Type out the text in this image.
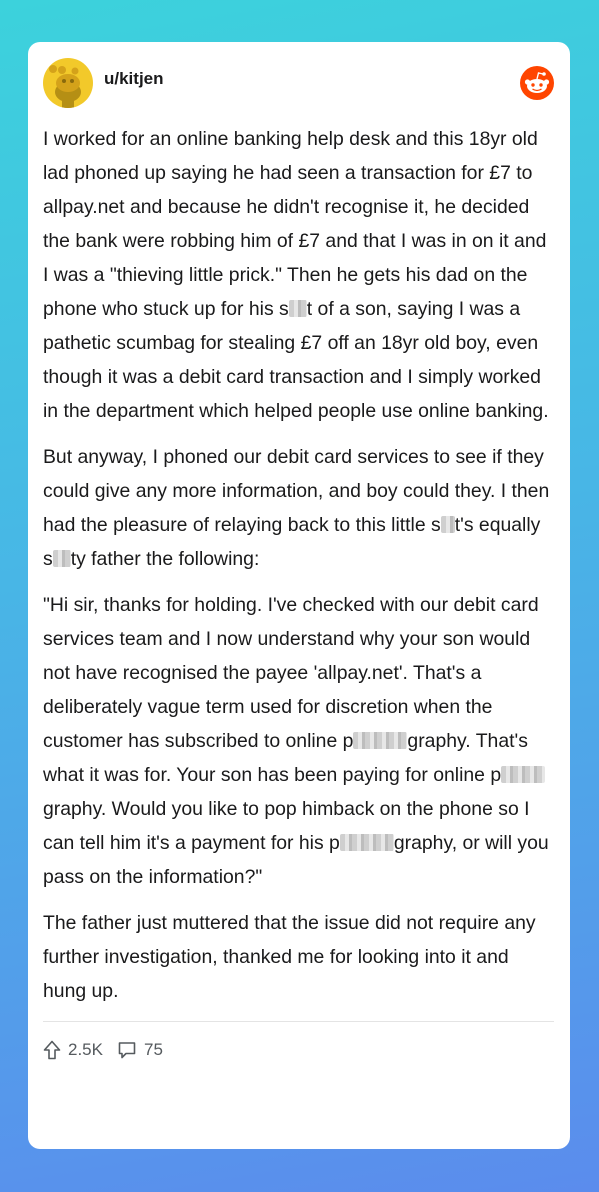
u/kitjen

I worked for an online banking help desk and this 18yr old lad phoned up saying he had seen a transaction for £7 to allpay.net and because he didn't recognise it, he decided the bank were robbing him of £7 and that I was in on it and I was a "thieving little prick." Then he gets his dad on the phone who stuck up for his s t of a son, saying I was a pathetic scumbag for stealing £7 off an 18yr old boy, even though it was a debit card transaction and I simply worked in the department which helped people use online banking.

But anyway, I phoned our debit card services to see if they could give any more information, and boy could they. I then had the pleasure of relaying back to this little s t's equally s ty father the following:

"Hi sir, thanks for holding. I've checked with our debit card services team and I now understand why your son would not have recognised the payee 'allpay.net'. That's a deliberately vague term used for discretion when the customer has subscribed to online p	graphy. That's what it was for. Your son has been paying for online pgraphy. Would you like to pop himback on the phone so I can tell him it's a payment for his p	graphy, or will you pass on the information?"

The father just muttered that the issue did not require any further investigation, thanked me for looking into it and hung up.

2.5K 75
